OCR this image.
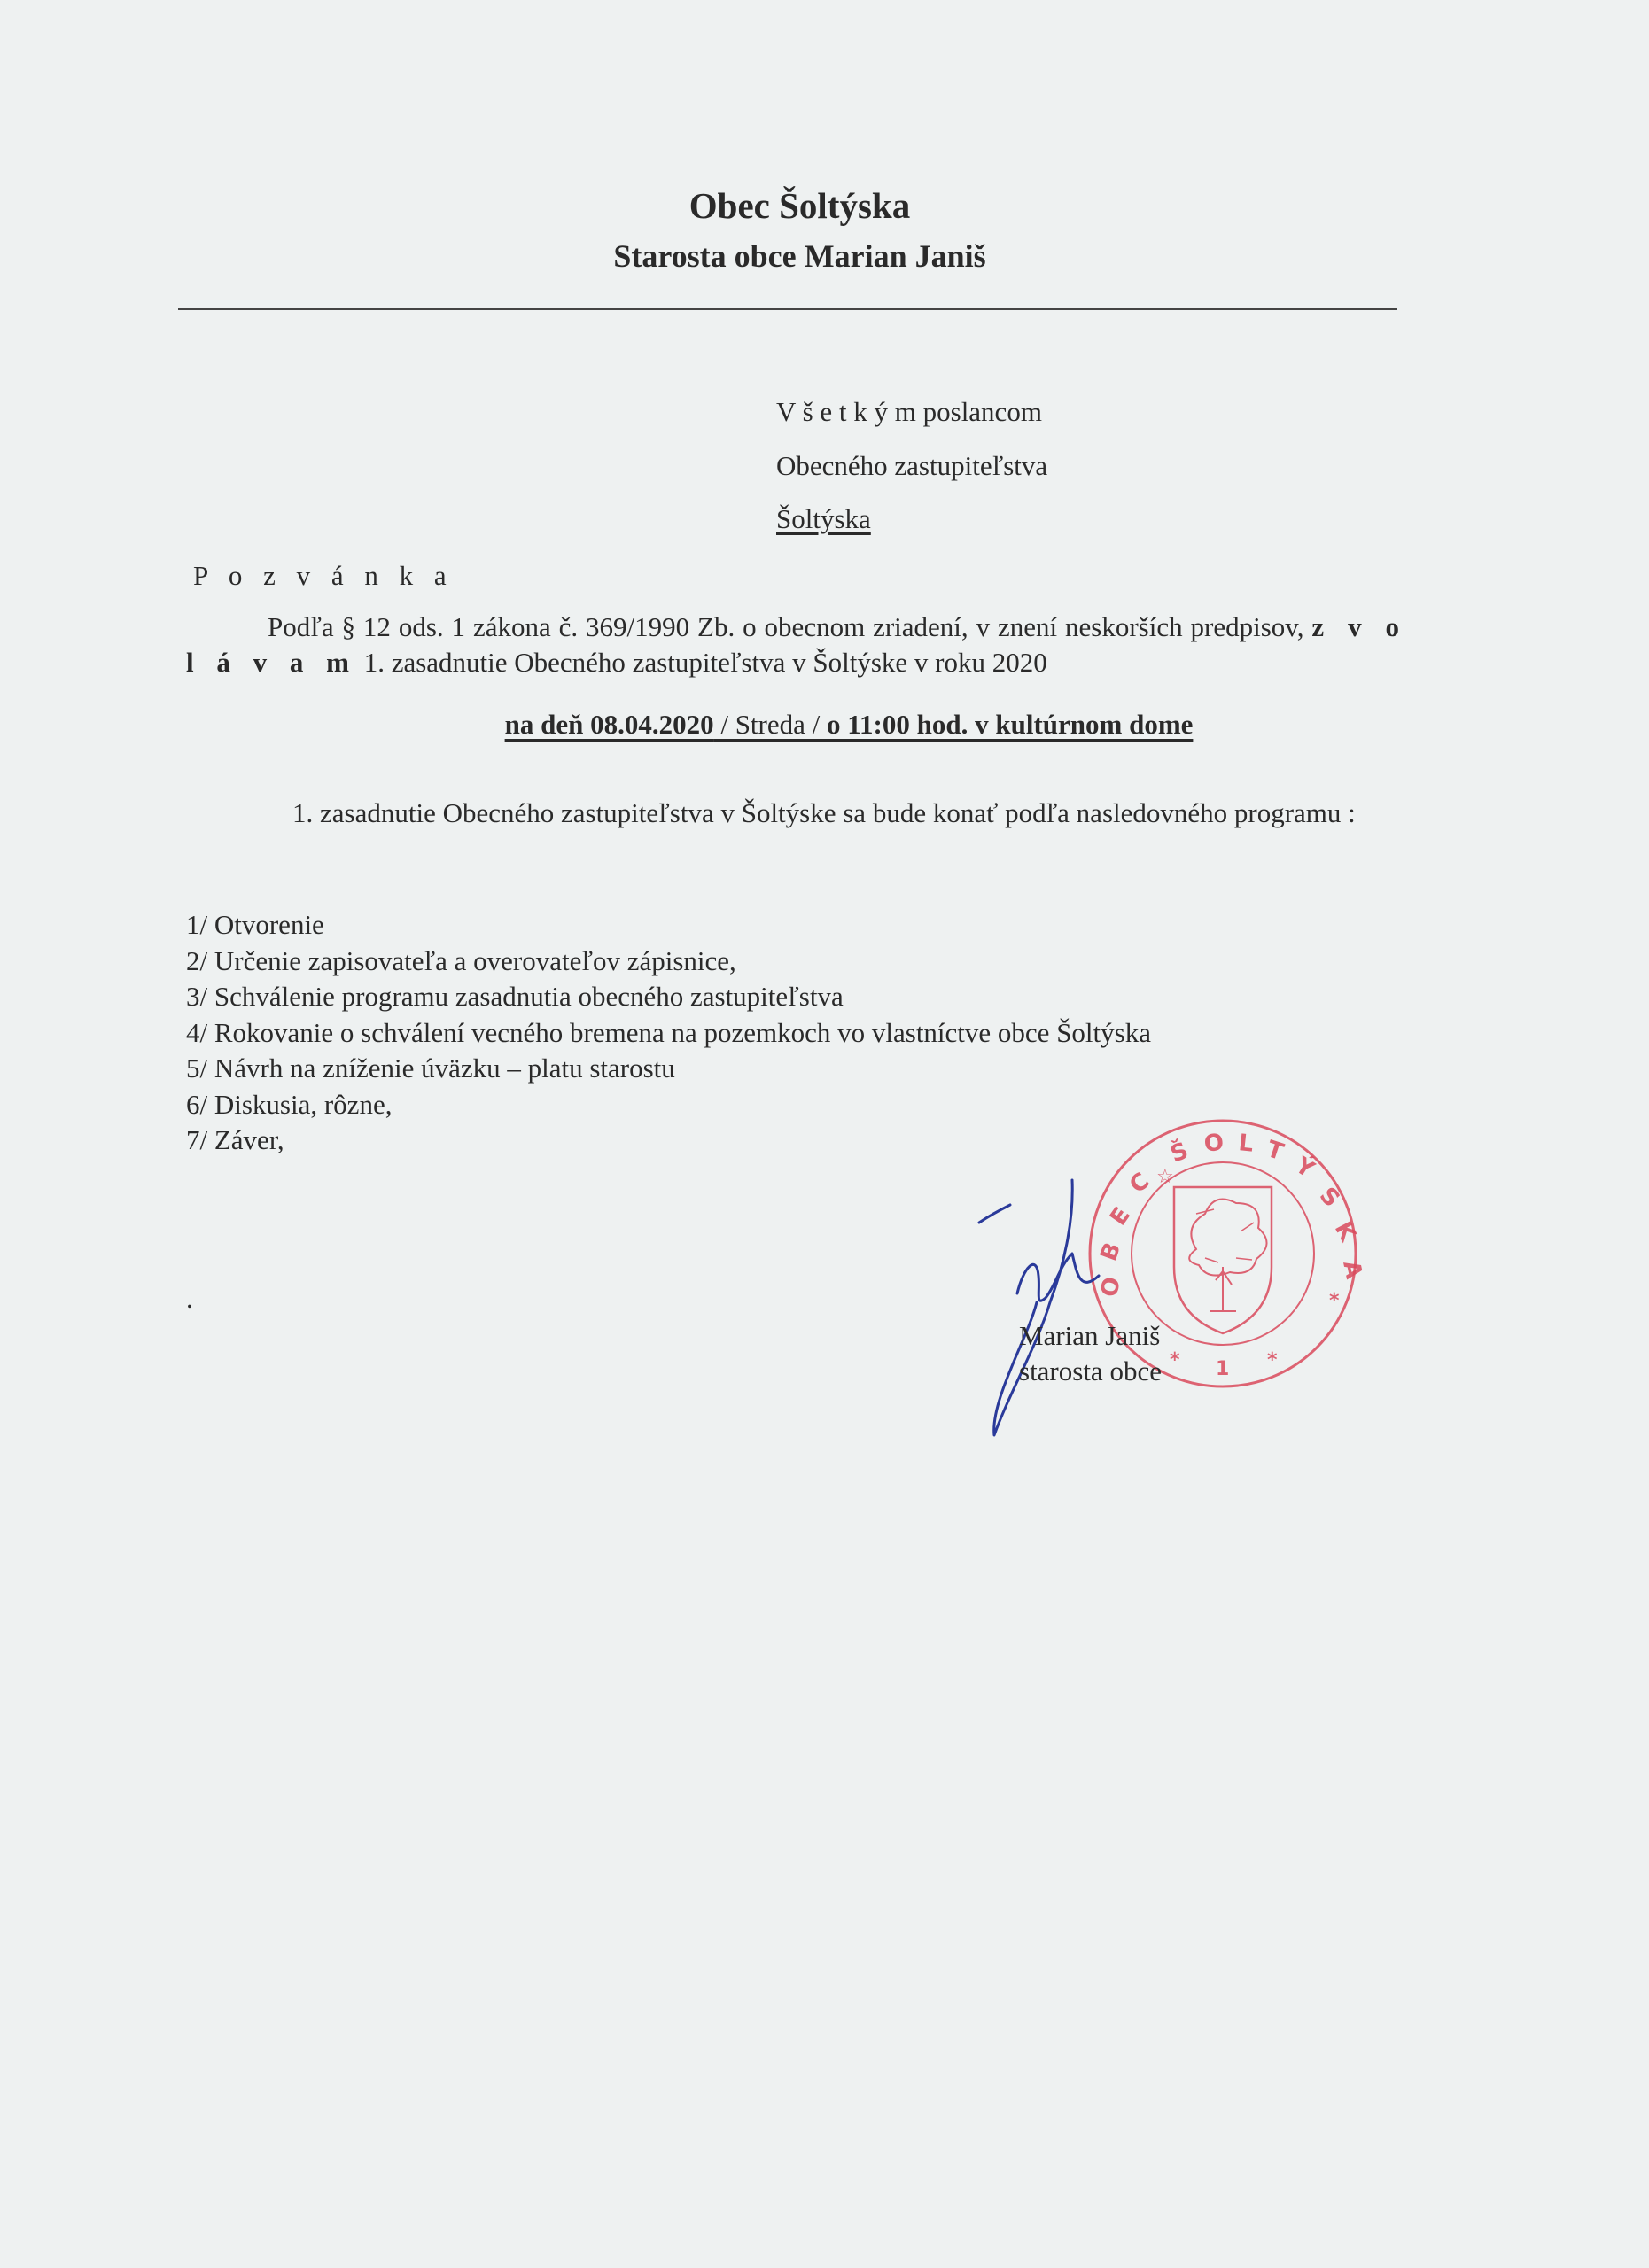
Obec Šoltýska
Starosta obce Marian Janiš
V š e t k ý m poslancom
Obecného zastupiteľstva
Šoltýska
P o z v á n k a

Podľa § 12 ods. 1 zákona č. 369/1990 Zb. o obecnom zriadení, v znení neskorších predpisov, z v o l á v a m 1. zasadnutie Obecného zastupiteľstva v Šoltýske v roku 2020

na deň 08.04.2020 / Streda / o 11:00 hod. v kultúrnom dome

1. zasadnutie Obecného zastupiteľstva v Šoltýske sa bude konať podľa nasledovného programu :

1/ Otvorenie
2/ Určenie zapisovateľa a overovateľov zápisnice,
3/ Schválenie programu zasadnutia obecného zastupiteľstva
4/ Rokovanie o schválení vecného bremena na pozemkoch vo vlastníctve obce Šoltýska
5/ Návrh na zníženie úväzku – platu starostu
6/ Diskusia, rôzne,
7/ Záver,
.	O
B
E
C
Š O L T
Ý
S
K
A
1
*	*
*
☆
Marian Janiš
starosta obce
